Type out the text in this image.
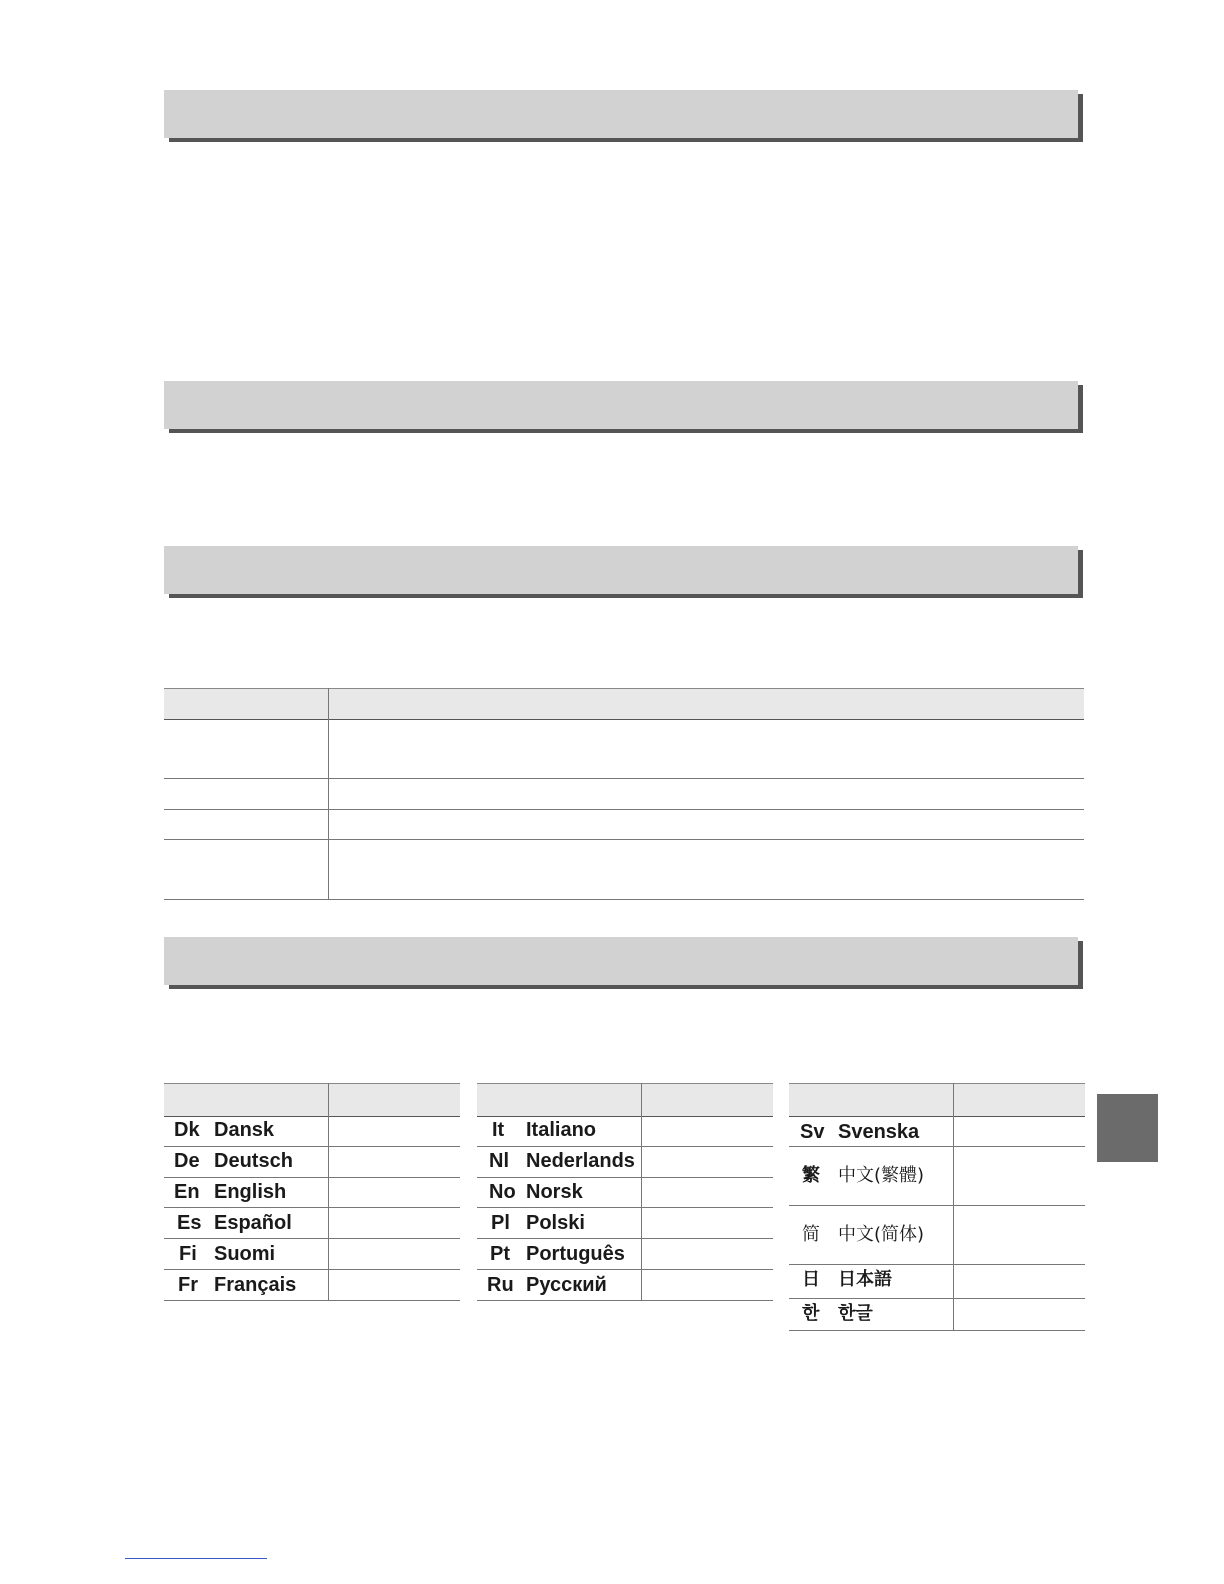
Dk Dansk
De Deutsch
En English
Es Español
Fi Suomi
Fr Français
It Italiano
Nl Nederlands
No Norsk
Pl Polski
Pt Português
Ru Русский
Sv Svenska
繁 中文(繁體)
简 中文(简体)
日 日本語
한 한글
